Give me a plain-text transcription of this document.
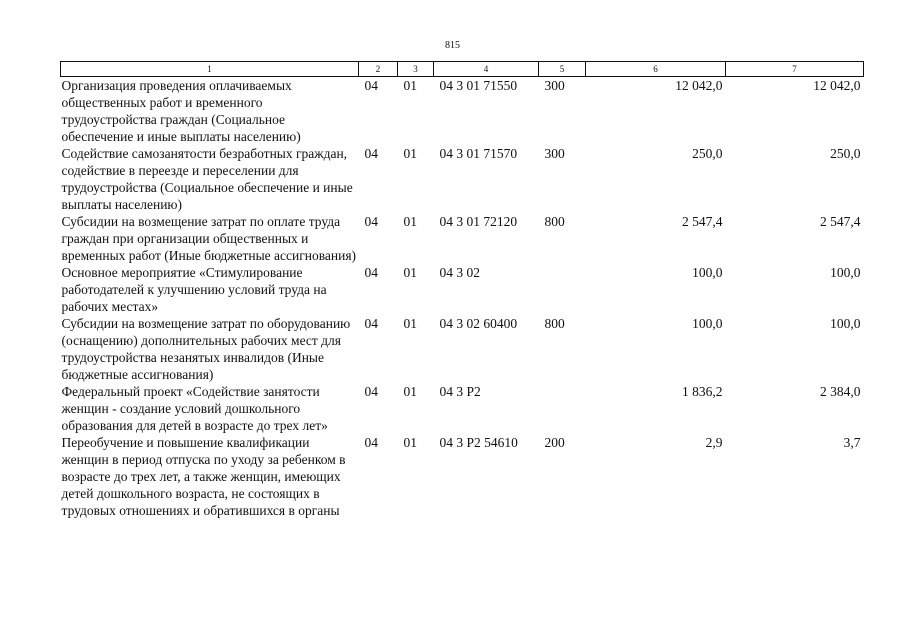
815
1	2	3	4	5	6	7
Организация проведения оплачиваемых общественных работ и временного трудоустройства граждан (Социальное обеспечение и иные выплаты населению)	04	01	04 3 01 71550	300	12 042,0	12 042,0
Содействие самозанятости безработных граждан, содействие в переезде и переселении для трудоустройства (Социальное обеспечение и иные выплаты населению)	04	01	04 3 01 71570	300	250,0	250,0
Субсидии на возмещение затрат по оплате труда граждан при организации общественных и временных работ (Иные бюджетные ассигнования)	04	01	04 3 01 72120	800	2 547,4	2 547,4
Основное мероприятие «Стимулирование работодателей к улучшению условий труда на рабочих местах»	04	01	04 3 02		100,0	100,0
Субсидии на возмещение затрат по оборудованию (оснащению) дополнительных рабочих мест для трудоустройства незанятых инвалидов (Иные бюджетные ассигнования)	04	01	04 3 02 60400	800	100,0	100,0
Федеральный проект «Содействие занятости женщин - создание условий дошкольного образования для детей в возрасте до трех лет»	04	01	04 3 P2		1 836,2	2 384,0
Переобучение и повышение квалификации женщин в период отпуска по уходу за ребенком в возрасте до трех лет, а также женщин, имеющих детей дошкольного возраста, не состоящих в трудовых отношениях и обратившихся в органы	04	01	04 3 P2 54610	200	2,9	3,7
